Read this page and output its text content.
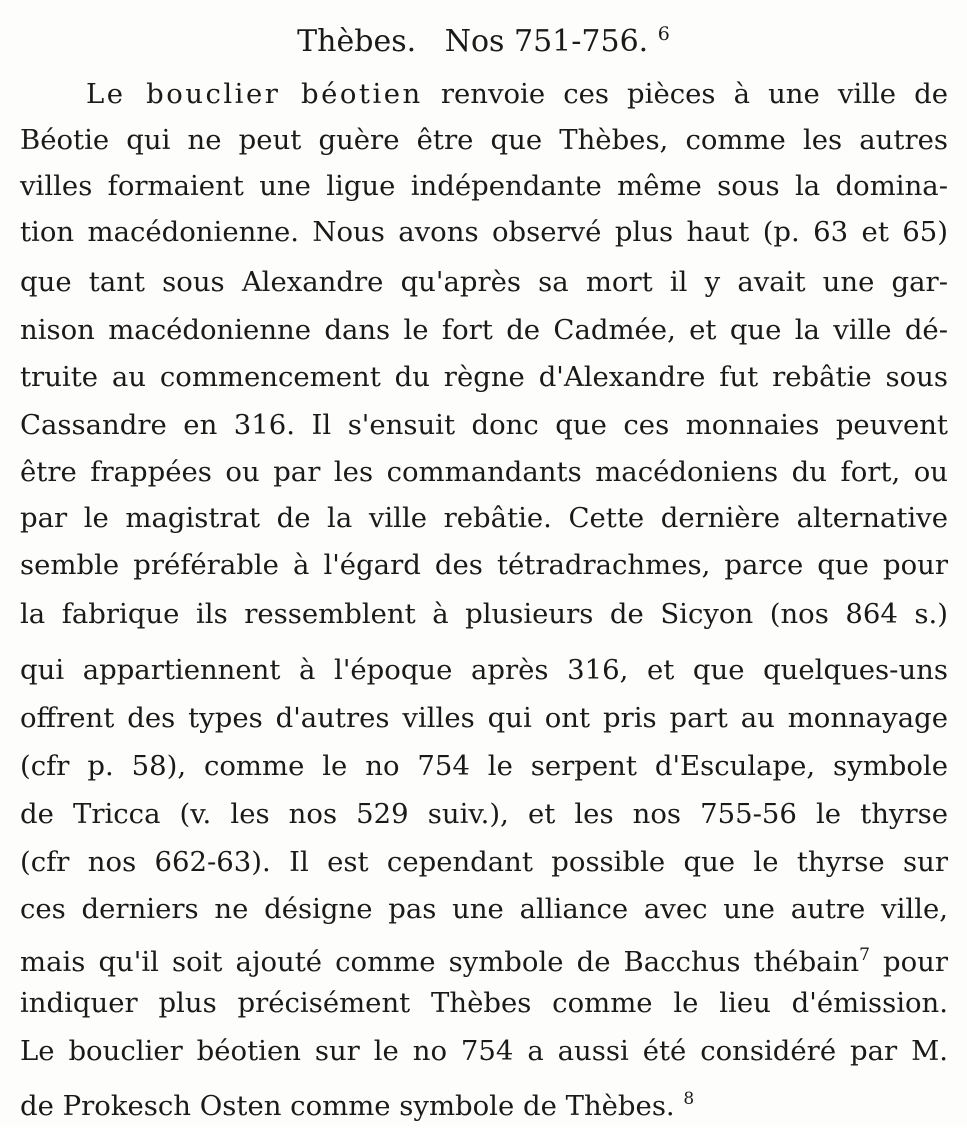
Thèbes. Nos 751-756. $^6$
Le bouclier béotien renvoie ces pièces à une ville de
Béotie qui ne peut guère être que Thèbes, comme les autres
villes formaient une ligue indépendante même sous la domina-
tion macédonienne. Nous avons observé plus haut (p. 63 et 65)
que tant sous Alexandre qu'après sa mort il y avait une gar-
nison macédonienne dans le fort de Cadmée, et que la ville dé-
truite au commencement du règne d'Alexandre fut rebâtie sous
Cassandre en 316. Il s'ensuit donc que ces monnaies peuvent
être frappées ou par les commandants macédoniens du fort, ou
par le magistrat de la ville rebâtie. Cette dernière alternative
semble préférable à l'égard des tétradrachmes, parce que pour
la fabrique ils ressemblent à plusieurs de Sicyon (nos 864 s.)
qui appartiennent à l'époque après 316, et que quelques-uns
offrent des types d'autres villes qui ont pris part au monnayage
(cfr p. 58), comme le no 754 le serpent d'Esculape, symbole
de Tricca (v. les nos 529 suiv.), et les nos 755-56 le thyrse
(cfr nos 662-63). Il est cependant possible que le thyrse sur
ces derniers ne désigne pas une alliance avec une autre ville,
mais qu'il soit ajouté comme symbole de Bacchus thébain$^7$ pour
indiquer plus précisément Thèbes comme le lieu d'émission.
Le bouclier béotien sur le no 754 a aussi été considéré par M.
de Prokesch Osten comme symbole de Thèbes. $^8$
